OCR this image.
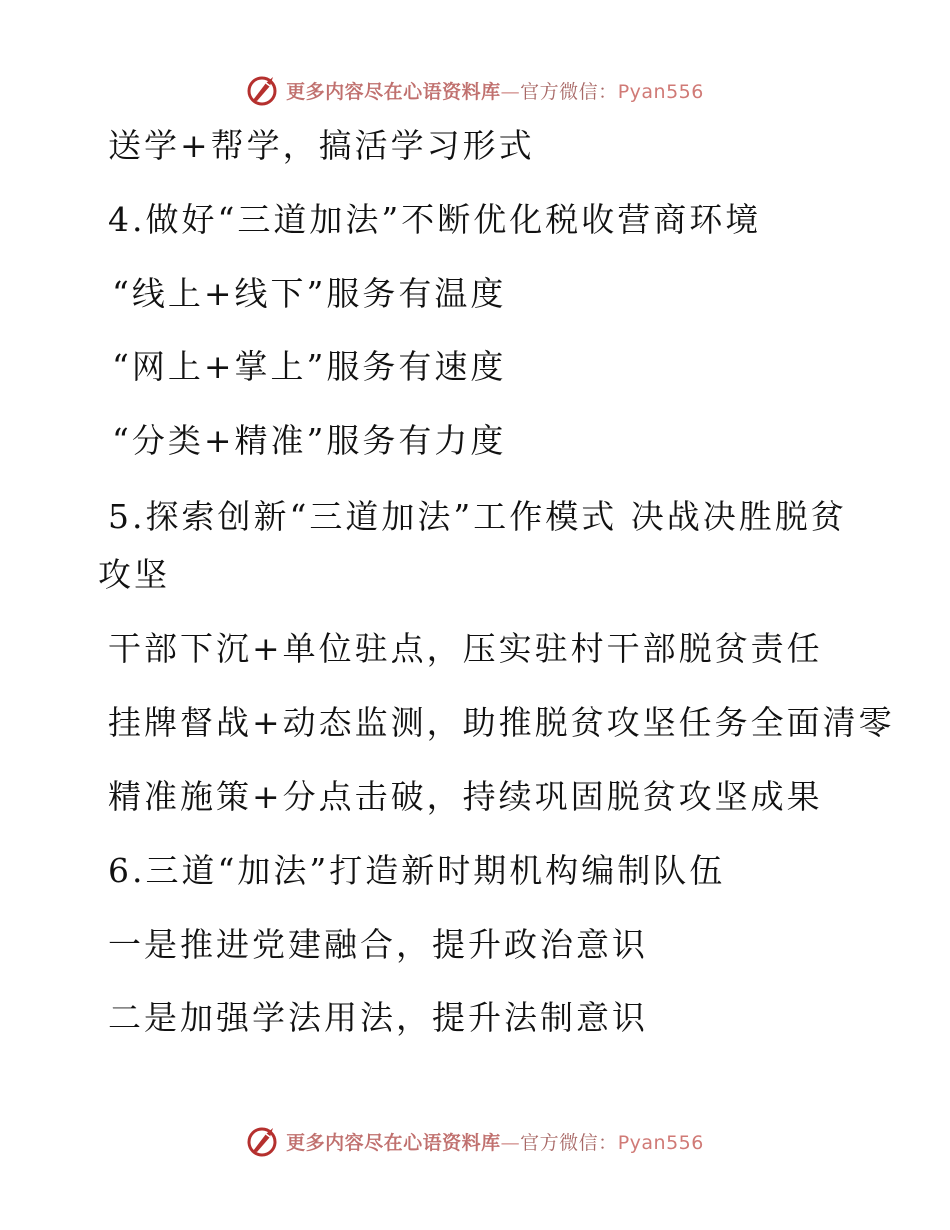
更多内容尽在心语资料库—官方微信：Pyan556
送学+帮学，搞活学习形式
4.做好“三道加法”不断优化税收营商环境
“线上+线下”服务有温度
“网上+掌上”服务有速度
“分类+精准”服务有力度
5.探索创新“三道加法”工作模式 决战决胜脱贫
攻坚
干部下沉+单位驻点，压实驻村干部脱贫责任
挂牌督战+动态监测，助推脱贫攻坚任务全面清零
精准施策+分点击破，持续巩固脱贫攻坚成果
6.三道“加法”打造新时期机构编制队伍
一是推进党建融合，提升政治意识
二是加强学法用法，提升法制意识
更多内容尽在心语资料库—官方微信：Pyan556
